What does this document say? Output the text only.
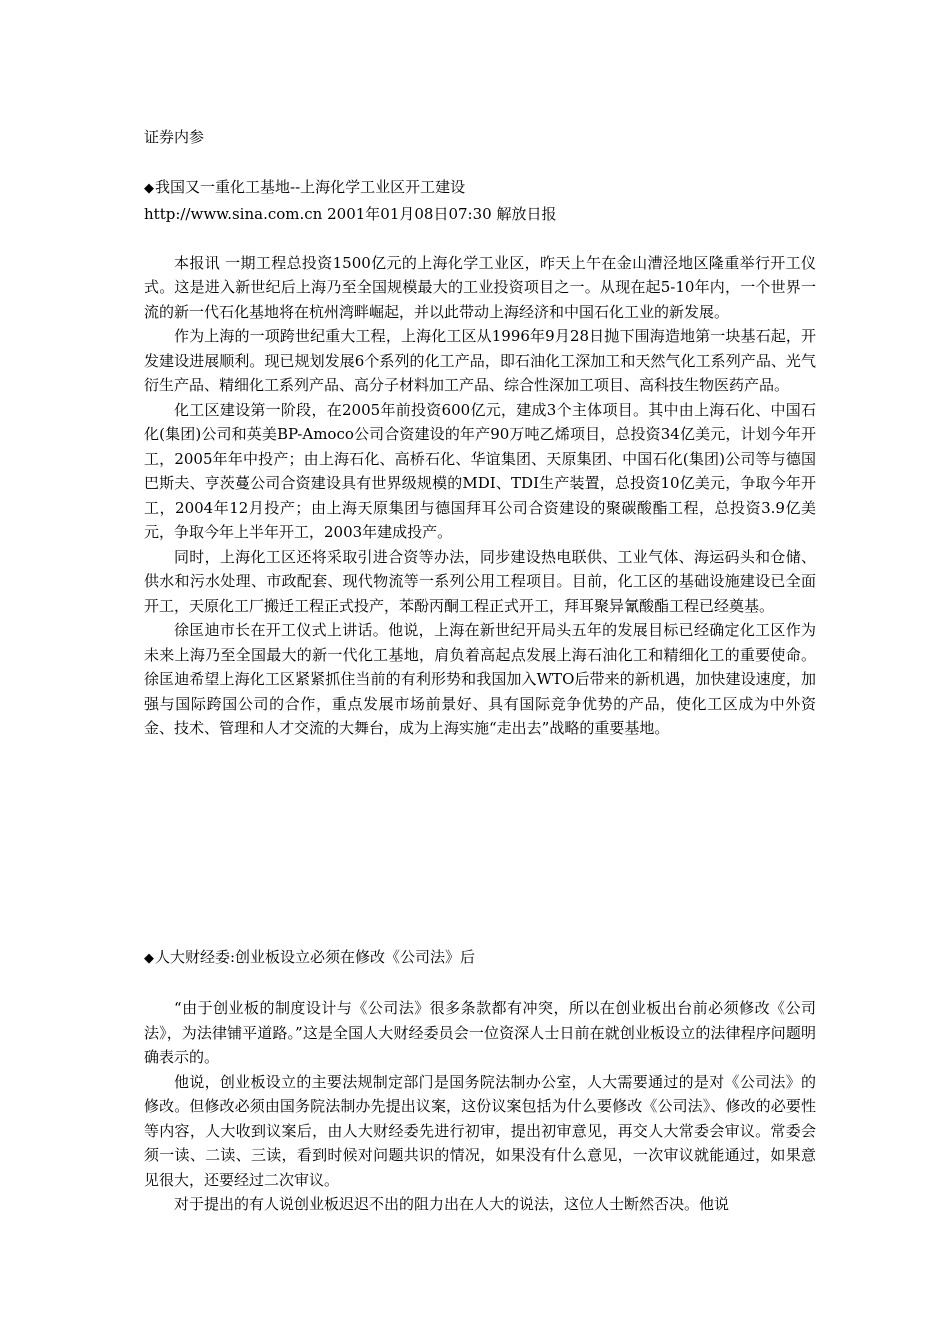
证券内参

◆我国又一重化工基地--上海化学工业区开工建设

http://www.sina.com.cn 2001年01月08日07:30 解放日报

本报讯 一期工程总投资1500亿元的上海化学工业区，昨天上午在金山漕泾地区隆重举行开工仪式。这是进入新世纪后上海乃至全国规模最大的工业投资项目之一。从现在起5-10年内，一个世界一流的新一代石化基地将在杭州湾畔崛起，并以此带动上海经济和中国石化工业的新发展。

作为上海的一项跨世纪重大工程，上海化工区从1996年9月28日抛下围海造地第一块基石起，开发建设进展顺利。现已规划发展6个系列的化工产品，即石油化工深加工和天然气化工系列产品、光气衍生产品、精细化工系列产品、高分子材料加工产品、综合性深加工项目、高科技生物医药产品。

化工区建设第一阶段，在2005年前投资600亿元，建成3个主体项目。其中由上海石化、中国石化(集团)公司和英美BP-Amoco公司合资建设的年产90万吨乙烯项目，总投资34亿美元，计划今年开工，2005年年中投产；由上海石化、高桥石化、华谊集团、天原集团、中国石化(集团)公司等与德国巴斯夫、亨茨蔓公司合资建设具有世界级规模的MDI、TDI生产装置，总投资10亿美元，争取今年开工，2004年12月投产；由上海天原集团与德国拜耳公司合资建设的聚碳酸酯工程，总投资3.9亿美元，争取今年上半年开工，2003年建成投产。

同时，上海化工区还将采取引进合资等办法，同步建设热电联供、工业气体、海运码头和仓储、供水和污水处理、市政配套、现代物流等一系列公用工程项目。目前，化工区的基础设施建设已全面开工，天原化工厂搬迁工程正式投产，苯酚丙酮工程正式开工，拜耳聚异氰酸酯工程已经奠基。

徐匡迪市长在开工仪式上讲话。他说，上海在新世纪开局头五年的发展目标已经确定化工区作为未来上海乃至全国最大的新一代化工基地，肩负着高起点发展上海石油化工和精细化工的重要使命。徐匡迪希望上海化工区紧紧抓住当前的有利形势和我国加入WTO后带来的新机遇，加快建设速度，加强与国际跨国公司的合作，重点发展市场前景好、具有国际竞争优势的产品，使化工区成为中外资金、技术、管理和人才交流的大舞台，成为上海实施“走出去”战略的重要基地。

◆人大财经委:创业板设立必须在修改《公司法》后

“由于创业板的制度设计与《公司法》很多条款都有冲突，所以在创业板出台前必须修改《公司法》，为法律铺平道路。”这是全国人大财经委员会一位资深人士日前在就创业板设立的法律程序问题明确表示的。

他说，创业板设立的主要法规制定部门是国务院法制办公室，人大需要通过的是对《公司法》的修改。但修改必须由国务院法制办先提出议案，这份议案包括为什么要修改《公司法》、修改的必要性等内容，人大收到议案后，由人大财经委先进行初审，提出初审意见，再交人大常委会审议。常委会须一读、二读、三读，看到时候对问题共识的情况，如果没有什么意见，一次审议就能通过，如果意见很大，还要经过二次审议。

对于提出的有人说创业板迟迟不出的阻力出在人大的说法，这位人士断然否决。他说
